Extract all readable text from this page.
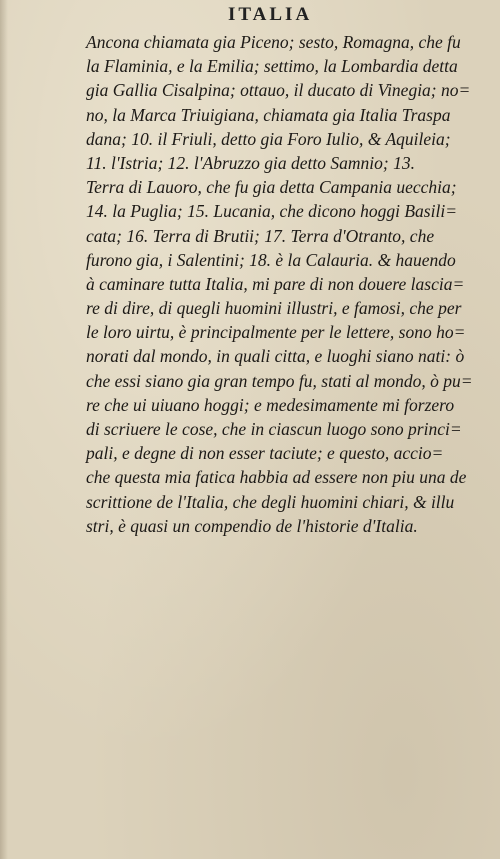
ITALIA
Ancona chiamata gia Piceno; sesto, Romagna, che fu
la Flaminia, e la Emilia; settimo, la Lombardia detta
gia Gallia Cisalpina; ottauo, il ducato di Vinegia; no=
no, la Marca Triuigiana, chiamata gia Italia Traspa
dana; 10. il Friuli, detto gia Foro Iulio, & Aquileia;
11. l'Istria; 12. l'Abruzzo gia detto Samnio; 13.
Terra di Lauoro, che fu gia detta Campania uecchia;
14. la Puglia; 15. Lucania, che dicono hoggi Basili=
cata; 16. Terra di Brutii; 17. Terra d'Otranto, che
furono gia, i Salentini; 18. è la Calauria. & hauendo
à caminare tutta Italia, mi pare di non douere lascia=
re di dire, di quegli huomini illustri, e famosi, che per
le loro uirtu, è principalmente per le lettere, sono ho=
norati dal mondo, in quali citta, e luoghi siano nati: ò
che essi siano gia gran tempo fu, stati al mondo, ò pu=
re che ui uiuano hoggi; e medesimamente mi forzero
di scriuere le cose, che in ciascun luogo sono princi=
pali, e degne di non esser taciute; e questo, accio=
che questa mia fatica habbia ad essere non piu una de
scrittione de l'Italia, che degli huomini chiari, & illu
stri, è quasi un compendio de l'historie d'Italia.
